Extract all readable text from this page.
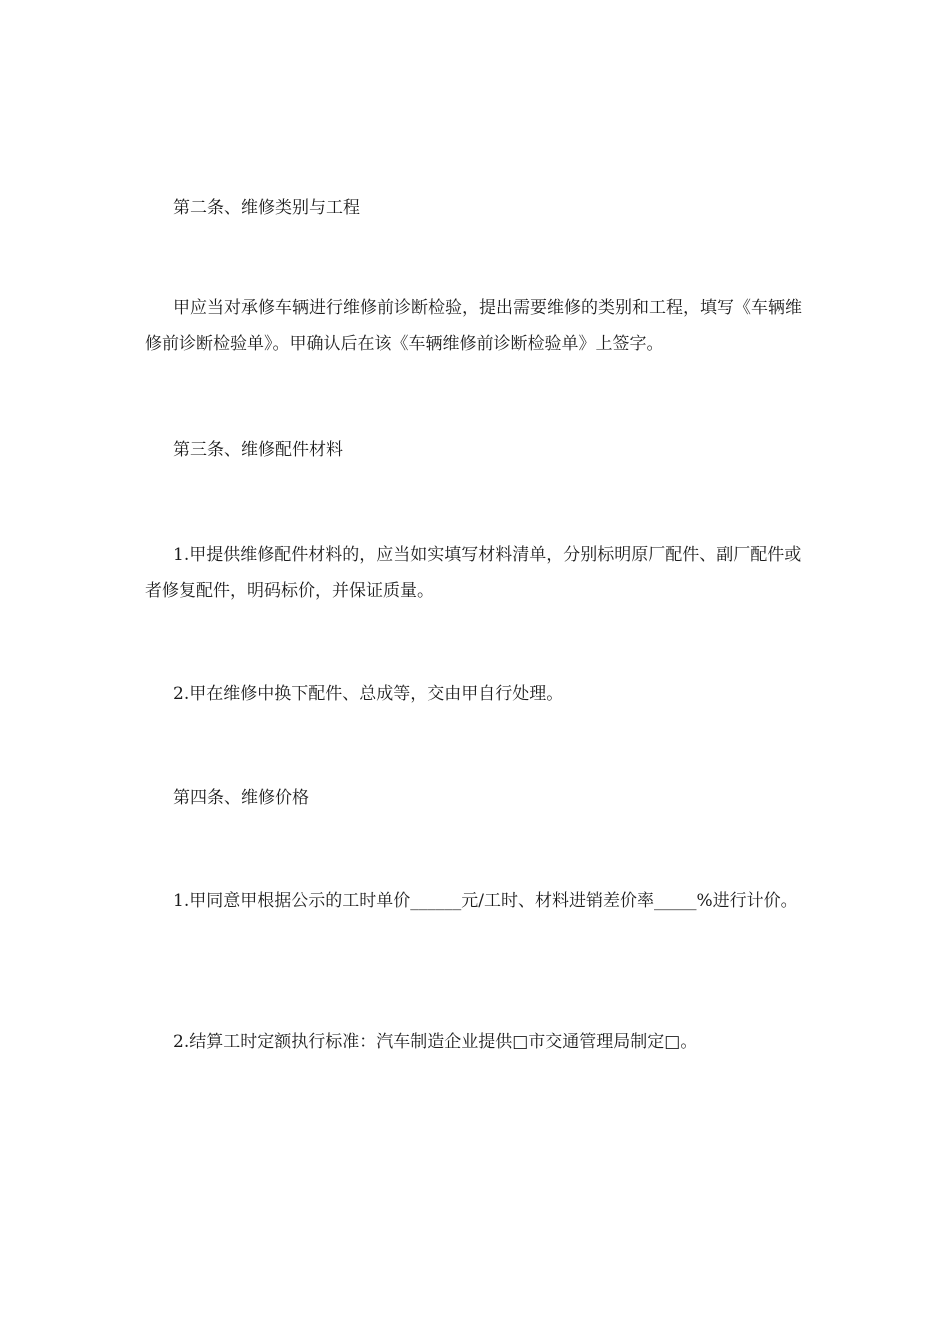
第二条、维修类别与工程

甲应当对承修车辆进行维修前诊断检验，提出需要维修的类别和工程，填写《车辆维修前诊断检验单》。甲确认后在该《车辆维修前诊断检验单》上签字。

第三条、维修配件材料

1.甲提供维修配件材料的，应当如实填写材料清单，分别标明原厂配件、副厂配件或者修复配件，明码标价，并保证质量。

2.甲在维修中换下配件、总成等，交由甲自行处理。

第四条、维修价格

1.甲同意甲根据公示的工时单价______元/工时、材料进销差价率_____%进行计价。

2.结算工时定额执行标准：汽车制造企业提供□市交通管理局制定□。
